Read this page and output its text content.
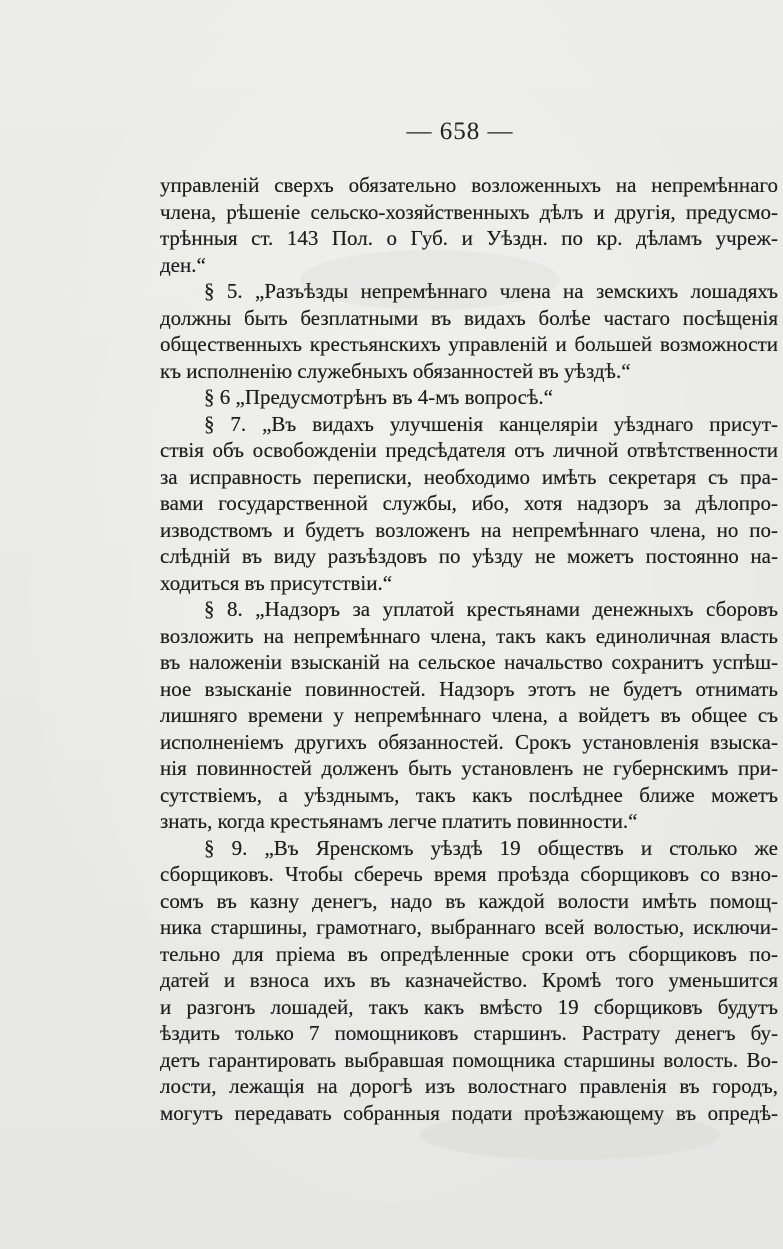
— 658 —
управленій сверхъ обязательно возложенныхъ на непремѣннаго
члена, рѣшеніе сельско-хозяйственныхъ дѣлъ и другія, предусмо-
трѣнныя ст. 143 Пол. о Губ. и Уѣздн. по кр. дѣламъ учреж-
ден.“
§ 5. „Разъѣзды непремѣннаго члена на земскихъ лошадяхъ
должны быть безплатными въ видахъ болѣе частаго посѣщенія
общественныхъ крестьянскихъ управленій и большей возможности
къ исполненію служебныхъ обязанностей въ уѣздѣ.“
§ 6 „Предусмотрѣнъ въ 4-мъ вопросѣ.“
§ 7. „Въ видахъ улучшенія канцеляріи уѣзднаго присут-
ствія объ освобожденіи предсѣдателя отъ личной отвѣтственности
за исправность переписки, необходимо имѣть секретаря съ пра-
вами государственной службы, ибо, хотя надзоръ за дѣлопро-
изводствомъ и будетъ возложенъ на непремѣннаго члена, но по-
слѣдній въ виду разъѣздовъ по уѣзду не можетъ постоянно на-
ходиться въ присутствіи.“
§ 8. „Надзоръ за уплатой крестьянами денежныхъ сборовъ
возложить на непремѣннаго члена, такъ какъ единоличная власть
въ наложеніи взысканій на сельское начальство сохранитъ успѣш-
ное взысканіе повинностей. Надзоръ этотъ не будетъ отнимать
лишняго времени у непремѣннаго члена, а войдетъ въ общее съ
исполненіемъ другихъ обязанностей. Срокъ установленія взыска-
нія повинностей долженъ быть установленъ не губернскимъ при-
сутствіемъ, а уѣзднымъ, такъ какъ послѣднее ближе можетъ
знать, когда крестьянамъ легче платить повинности.“
§ 9. „Въ Яренскомъ уѣздѣ 19 обществъ и столько же
сборщиковъ. Чтобы сберечь время проѣзда сборщиковъ со взно-
сомъ въ казну денегъ, надо въ каждой волости имѣть помощ-
ника старшины, грамотнаго, выбраннаго всей волостью, исключи-
тельно для пріема въ опредѣленные сроки отъ сборщиковъ по-
датей и взноса ихъ въ казначейство. Кромѣ того уменьшится
и разгонъ лошадей, такъ какъ вмѣсто 19 сборщиковъ будутъ
ѣздить только 7 помощниковъ старшинъ. Растрату денегъ бу-
детъ гарантировать выбравшая помощника старшины волость. Во-
лости, лежащія на дорогѣ изъ волостнаго правленія въ городъ,
могутъ передавать собранныя подати проѣзжающему въ опредѣ-
